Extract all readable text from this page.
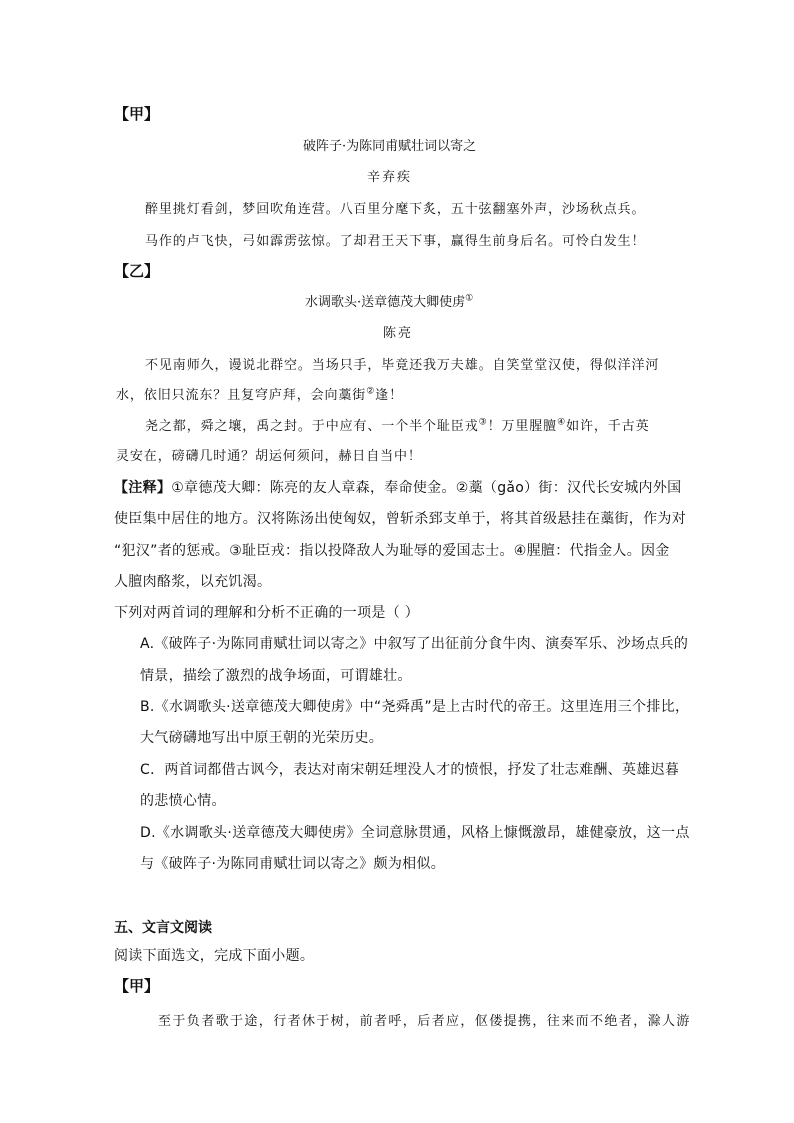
【甲】
破阵子·为陈同甫赋壮词以寄之
辛弃疾
醉里挑灯看剑，梦回吹角连营。八百里分麾下炙，五十弦翻塞外声，沙场秋点兵。
马作的卢飞快，弓如霹雳弦惊。了却君王天下事，赢得生前身后名。可怜白发生！
【乙】
水调歌头·送章德茂大卿使虏①
陈亮
不见南师久，谩说北群空。当场只手，毕竟还我万夫雄。自笑堂堂汉使，得似洋洋河
水，依旧只流东？且复穹庐拜，会向藁街②逢！
尧之都，舜之壤，禹之封。于中应有、一个半个耻臣戎③！万里腥膻④如许，千古英
灵安在，磅礴几时通？胡运何须问，赫日自当中！
【注释】①章德茂大卿：陈亮的友人章森，奉命使金。②藁（gǎo）街：汉代长安城内外国
使臣集中居住的地方。汉将陈汤出使匈奴，曾斩杀郅支单于，将其首级悬挂在藁街，作为对
“犯汉”者的惩戒。③耻臣戎：指以投降敌人为耻辱的爱国志士。④腥膻：代指金人。因金
人膻肉酪浆，以充饥渴。
下列对两首词的理解和分析不正确的一项是（ ）
A.《破阵子·为陈同甫赋壮词以寄之》中叙写了出征前分食牛肉、演奏军乐、沙场点兵的
情景，描绘了激烈的战争场面，可谓雄壮。
B.《水调歌头·送章德茂大卿使虏》中“尧舜禹”是上古时代的帝王。这里连用三个排比，
大气磅礴地写出中原王朝的光荣历史。
C．两首词都借古讽今，表达对南宋朝廷埋没人才的愤恨，抒发了壮志难酬、英雄迟暮
的悲愤心情。
D.《水调歌头·送章德茂大卿使虏》全词意脉贯通，风格上慷慨激昂，雄健豪放，这一点
与《破阵子·为陈同甫赋壮词以寄之》颇为相似。
五、文言文阅读
阅读下面选文，完成下面小题。
【甲】
至于负者歌于途，行者休于树，前者呼，后者应，伛偻提携，往来而不绝者，滁人游
